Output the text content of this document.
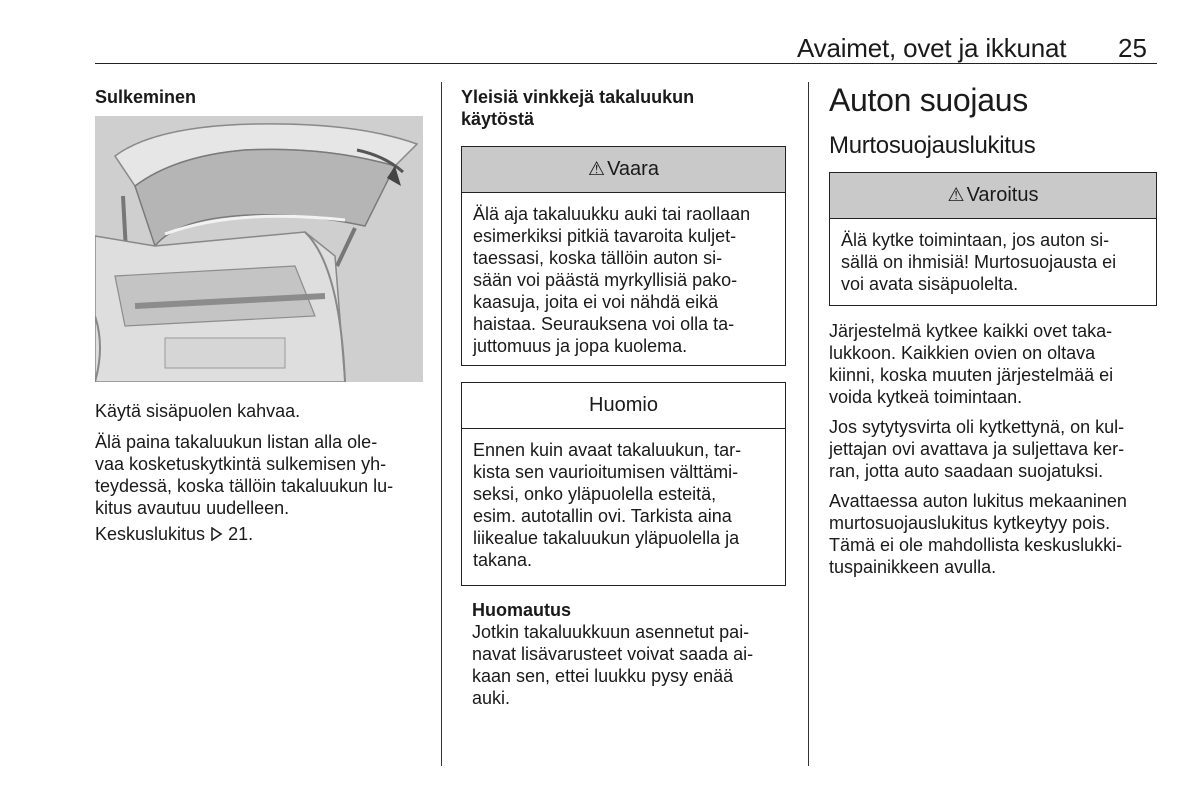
Avaimet, ovet ja ikkunat 25
Sulkeminen
Käytä sisäpuolen kahvaa.
Älä paina takaluukun listan alla ole-
vaa kosketuskytkintä sulkemisen yh-
teydessä, koska tällöin takaluukun lu-
kitus avautuu uudelleen.
Keskuslukitus 21.
Yleisiä vinkkejä takaluukun
käytöstä
⚠ Vaara
Älä aja takaluukku auki tai raollaan
esimerkiksi pitkiä tavaroita kuljet-
taessasi, koska tällöin auton si-
sään voi päästä myrkyllisiä pako-
kaasuja, joita ei voi nähdä eikä
haistaa. Seurauksena voi olla ta-
juttomuus ja jopa kuolema.
Huomio
Ennen kuin avaat takaluukun, tar-
kista sen vaurioitumisen välttämi-
seksi, onko yläpuolella esteitä,
esim. autotallin ovi. Tarkista aina
liikealue takaluukun yläpuolella ja
takana.
Huomautus
Jotkin takaluukkuun asennetut pai-
navat lisävarusteet voivat saada ai-
kaan sen, ettei luukku pysy enää
auki.
Auton suojaus
Murtosuojauslukitus
⚠ Varoitus
Älä kytke toimintaan, jos auton si-
sällä on ihmisiä! Murtosuojausta ei
voi avata sisäpuolelta.
Järjestelmä kytkee kaikki ovet taka-
lukkoon. Kaikkien ovien on oltava
kiinni, koska muuten järjestelmää ei
voida kytkeä toimintaan.
Jos sytytysvirta oli kytkettynä, on kul-
jettajan ovi avattava ja suljettava ker-
ran, jotta auto saadaan suojatuksi.
Avattaessa auton lukitus mekaaninen
murtosuojauslukitus kytkeytyy pois.
Tämä ei ole mahdollista keskuslukki-
tuspainikkeen avulla.
